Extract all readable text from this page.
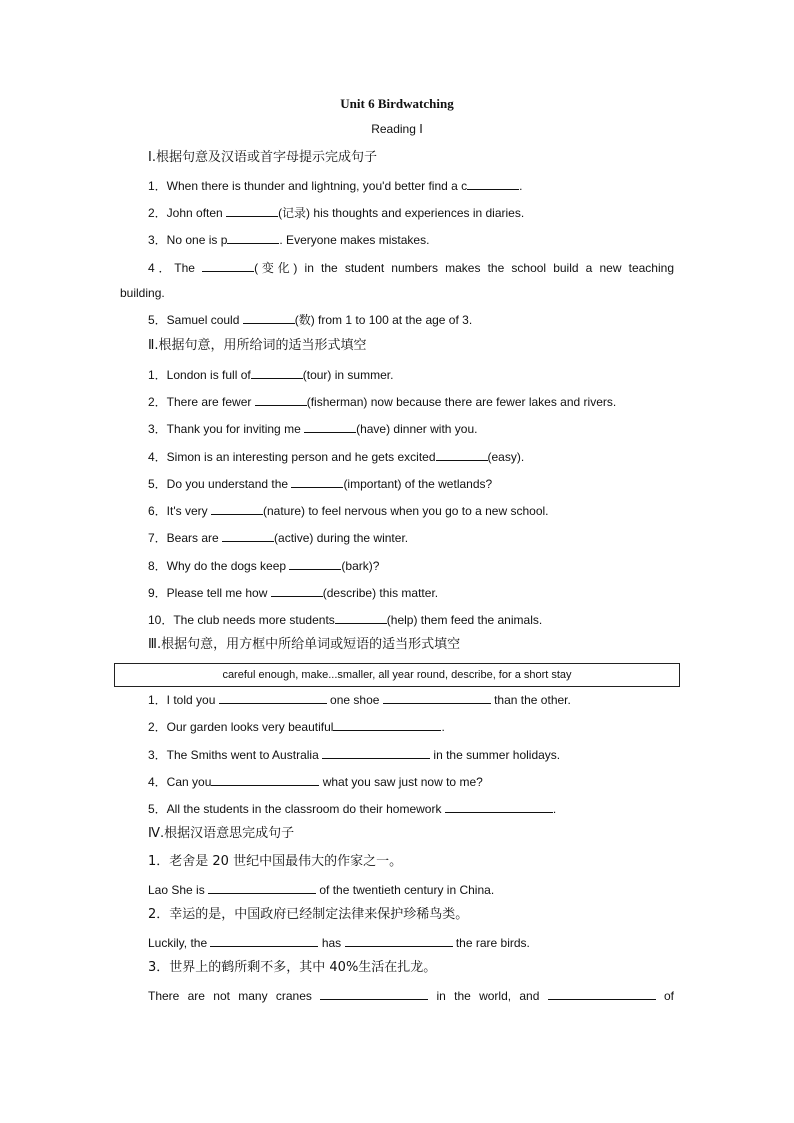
Unit 6 Birdwatching
Reading Ⅰ
Ⅰ.根据句意及汉语或首字母提示完成句子
1．When there is thunder and lightning, you'd better find a c	.
2．John often	(记录) his thoughts and experiences in diaries.
3．No one is p	. Everyone makes mistakes.
4．The	(变化) in the student numbers makes the school build a new teaching
building.
5．Samuel could	(数) from 1 to 100 at the age of 3.
Ⅱ.根据句意，用所给词的适当形式填空
1．London is full of	(tour) in summer.
2．There are fewer	(fisherman) now because there are fewer lakes and rivers.
3．Thank you for inviting me	(have) dinner with you.
4．Simon is an interesting person and he gets excited	(easy).
5．Do you understand the	(important) of the wetlands?
6．It's very	(nature) to feel nervous when you go to a new school.
7．Bears are	(active) during the winter.
8．Why do the dogs keep	(bark)?
9．Please tell me how	(describe) this matter.
10．The club needs more students	(help) them feed the animals.
Ⅲ.根据句意，用方框中所给单词或短语的适当形式填空
careful enough, make...smaller, all year round, describe, for a short stay
1．I told you	one shoe	than the other.
2．Our garden looks very beautiful	.
3．The Smiths went to Australia	in the summer holidays.
4．Can you	what you saw just now to me?
5．All the students in the classroom do their homework	.
Ⅳ.根据汉语意思完成句子
1．老舍是 20 世纪中国最伟大的作家之一。
Lao She is	of the twentieth century in China.
2．幸运的是，中国政府已经制定法律来保护珍稀鸟类。
Luckily, the	has	the rare birds.
3．世界上的鹤所剩不多，其中 40%生活在扎龙。
There are not many cranes	in the world, and	of
